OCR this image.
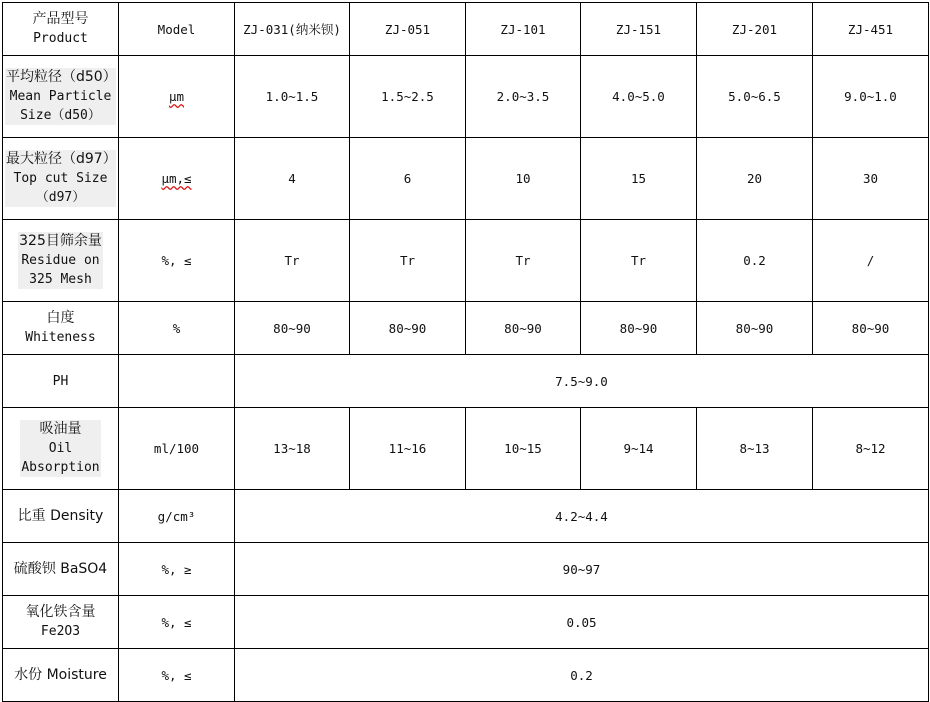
产品型号
Product	Model	ZJ-031(纳米钡)	ZJ-051	ZJ-101	ZJ-151	ZJ-201	ZJ-451

平均粒径（d50）
Mean Particle
Size（d50）	μm	1.0~1.5	1.5~2.5	2.0~3.5	4.0~5.0	5.0~6.5	9.0~1.0

最大粒径（d97）
Top cut Size
（d97）	μm,≤	4	6	10	15	20	30

325目筛余量
Residue on
325 Mesh	%, ≤	Tr	Tr	Tr	Tr	0.2	/

白度
Whiteness	%	80~90	80~90	80~90	80~90	80~90	80~90
PH		7.5~9.0					

吸油量
Oil
Absorption	ml/100	13~18	11~16	10~15	9~14	8~13	8~12
比重 Density	g/cm³	4.2~4.4					
硫酸钡 BaSO4	%, ≥	90~97					

氧化铁含量
Fe2O3	%, ≤	0.05					
水份 Moisture	%, ≤	0.2					
